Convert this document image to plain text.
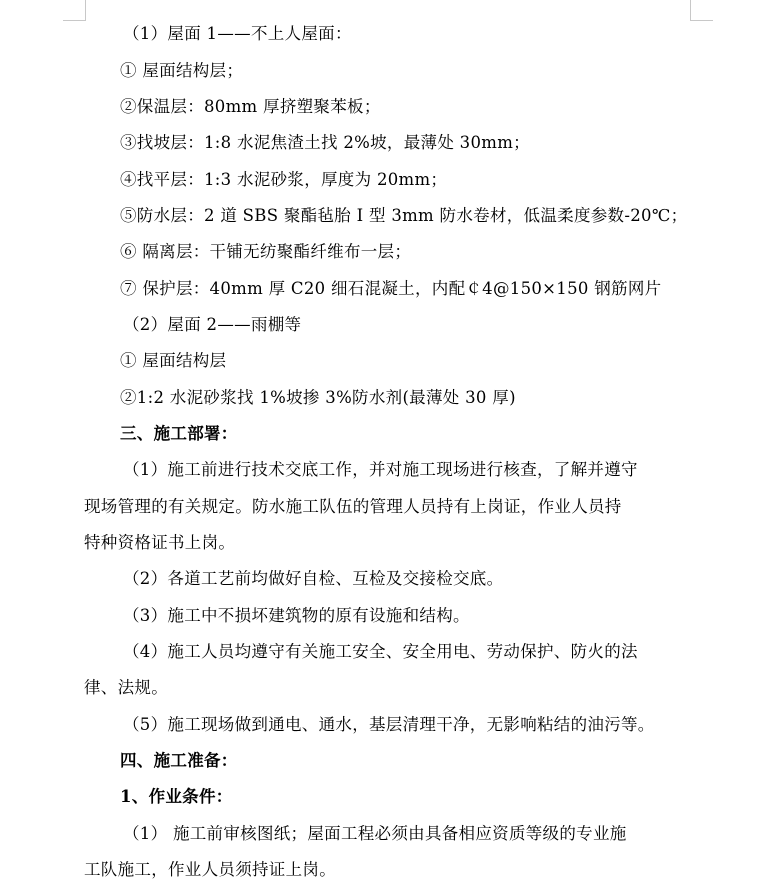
（1）屋面 1——不上人屋面：
① 屋面结构层；
②保温层：80mm 厚挤塑聚苯板；
③找坡层：1:8 水泥焦渣土找 2%坡，最薄处 30mm；
④找平层：1:3 水泥砂浆，厚度为 20mm；
⑤防水层：2 道 SBS 聚酯毡胎 I 型 3mm 防水卷材，低温柔度参数-20℃；
⑥ 隔离层：干铺无纺聚酯纤维布一层；
⑦ 保护层：40mm 厚 C20 细石混凝土，内配￠4@150×150 钢筋网片
（2）屋面 2——雨棚等
① 屋面结构层
②1:2 水泥砂浆找 1%坡掺 3%防水剂(最薄处 30 厚)
三、施工部署：
（1）施工前进行技术交底工作，并对施工现场进行核查，了解并遵守
现场管理的有关规定。防水施工队伍的管理人员持有上岗证，作业人员持
特种资格证书上岗。
（2）各道工艺前均做好自检、互检及交接检交底。
（3）施工中不损坏建筑物的原有设施和结构。
（4）施工人员均遵守有关施工安全、安全用电、劳动保护、防火的法
律、法规。
（5）施工现场做到通电、通水，基层清理干净，无影响粘结的油污等。
四、施工准备：
1、作业条件：
（1） 施工前审核图纸；屋面工程必须由具备相应资质等级的专业施
工队施工，作业人员须持证上岗。
